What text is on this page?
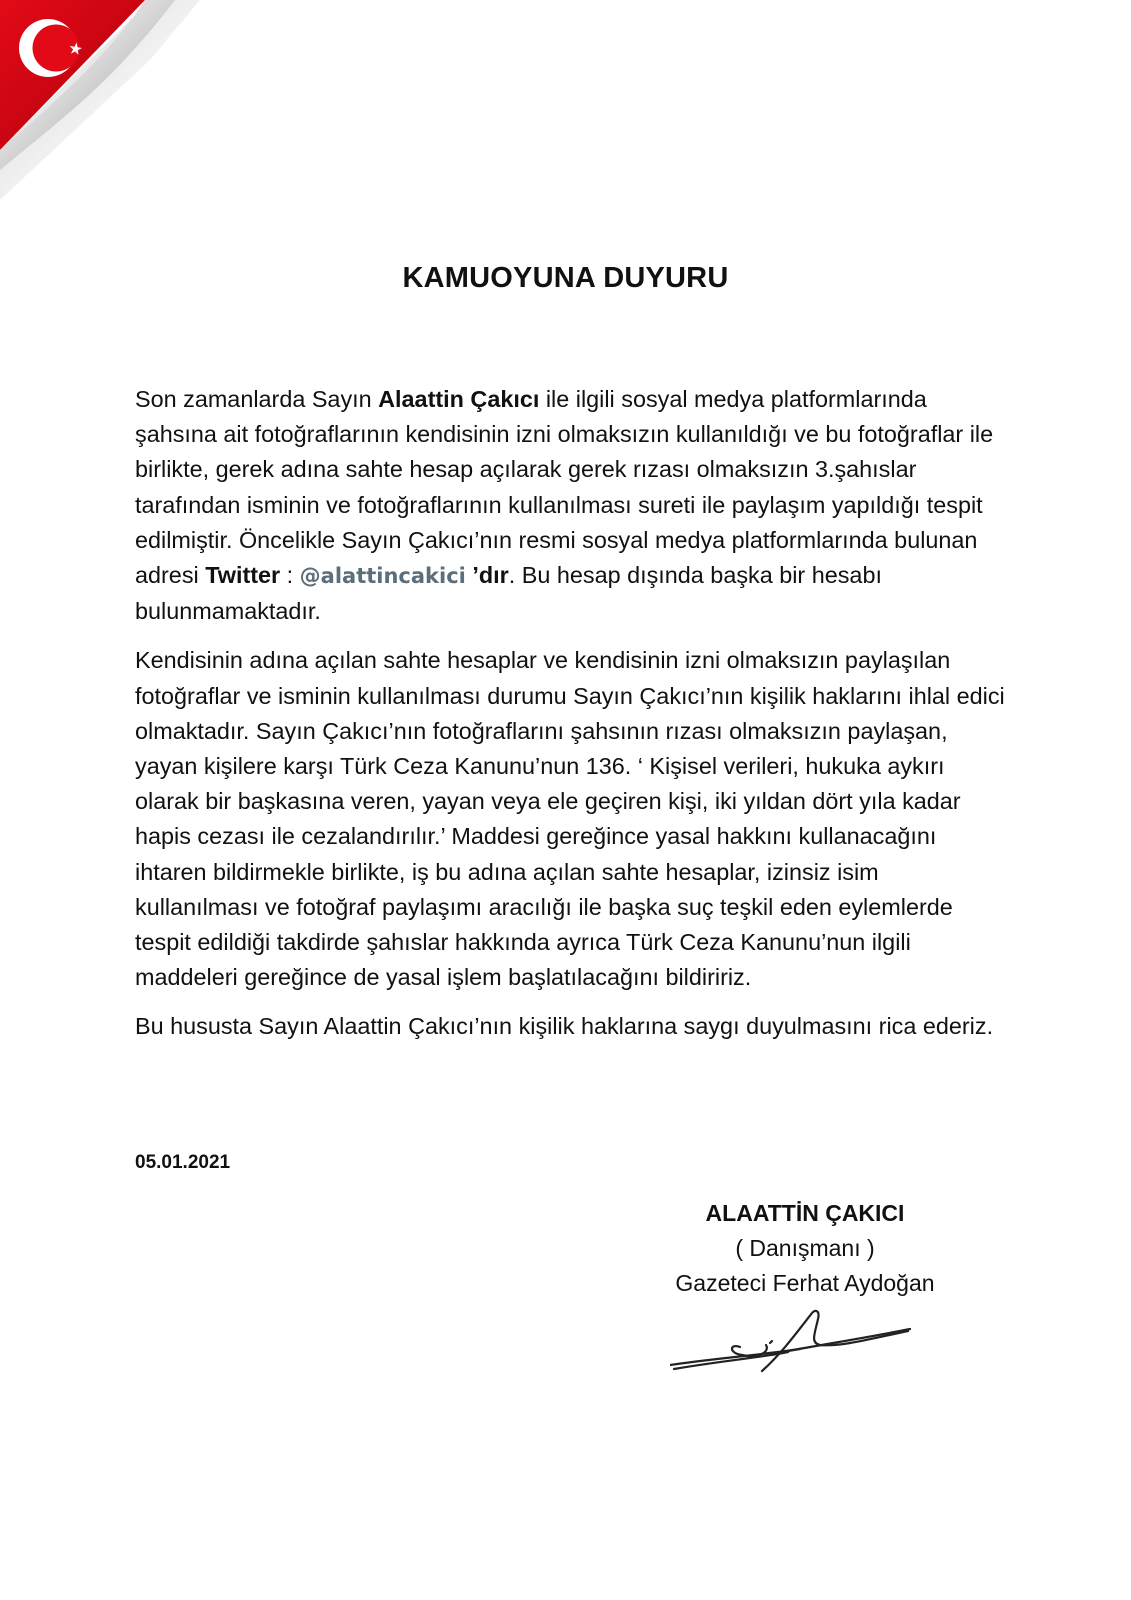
KAMUOYUNA DUYURU

Son zamanlarda Sayın Alaattin Çakıcı ile ilgili sosyal medya platformlarında şahsına ait fotoğraflarının kendisinin izni olmaksızın kullanıldığı ve bu fotoğraflar ile birlikte, gerek adına sahte hesap açılarak gerek rızası olmaksızın 3.şahıslar tarafından isminin ve fotoğraflarının kullanılması sureti ile paylaşım yapıldığı tespit edilmiştir. Öncelikle Sayın Çakıcı’nın resmi sosyal medya platformlarında bulunan adresi Twitter : @alattincakici ’dır. Bu hesap dışında başka bir hesabı bulunmamaktadır.

Kendisinin adına açılan sahte hesaplar ve kendisinin izni olmaksızın paylaşılan fotoğraflar ve isminin kullanılması durumu Sayın Çakıcı’nın kişilik haklarını ihlal edici olmaktadır. Sayın Çakıcı’nın fotoğraflarını şahsının rızası olmaksızın paylaşan, yayan kişilere karşı Türk Ceza Kanunu’nun 136. ‘ Kişisel verileri, hukuka aykırı olarak bir başkasına veren, yayan veya ele geçiren kişi, iki yıldan dört yıla kadar hapis cezası ile cezalandırılır.’ Maddesi gereğince yasal hakkını kullanacağını ihtaren bildirmekle birlikte, iş bu adına açılan sahte hesaplar, izinsiz isim kullanılması ve fotoğraf paylaşımı aracılığı ile başka suç teşkil eden eylemlerde tespit edildiği takdirde şahıslar hakkında ayrıca Türk Ceza Kanunu’nun ilgili maddeleri gereğince de yasal işlem başlatılacağını bildiririz.

Bu hususta Sayın Alaattin Çakıcı’nın kişilik haklarına saygı duyulmasını rica ederiz.

05.01.2021
ALAATTİN ÇAKICI
( Danışmanı )
Gazeteci Ferhat Aydoğan
